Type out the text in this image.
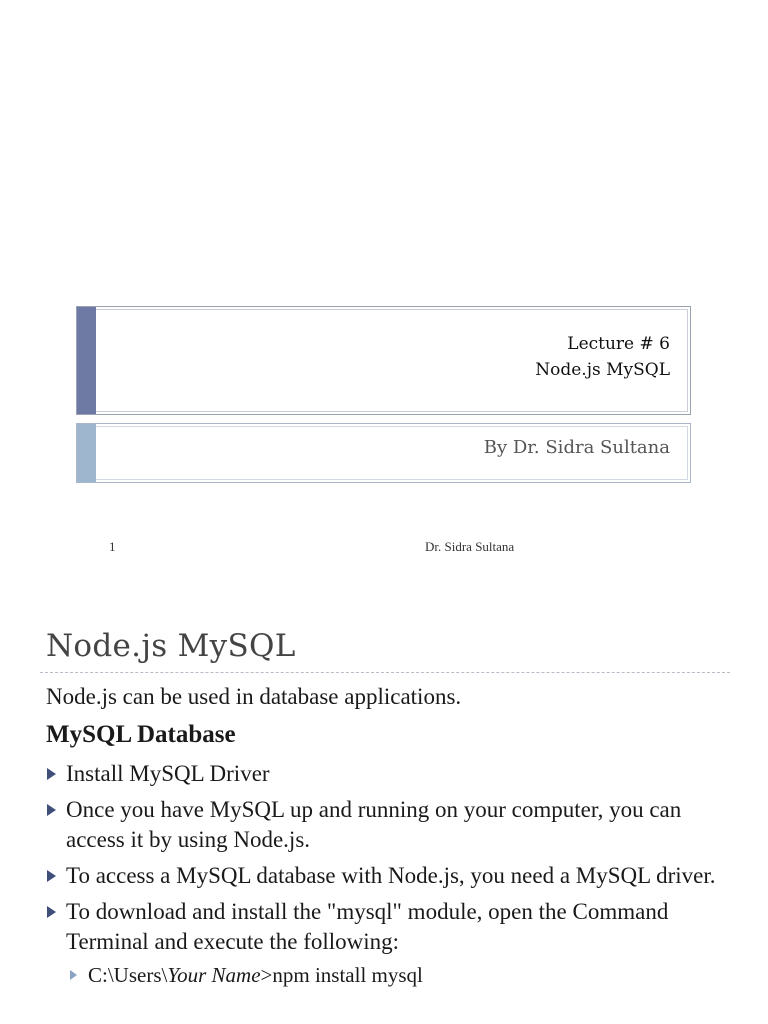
Lecture # 6
Node.js MySQL
By Dr. Sidra Sultana
1	Dr. Sidra Sultana
Node.js MySQL
Node.js can be used in database applications.
MySQL Database
Install MySQL Driver
Once you have MySQL up and running on your computer, you can access it by using Node.js.
To access a MySQL database with Node.js, you need a MySQL driver.
To download and install the "mysql" module, open the Command Terminal and execute the following:
C:\Users\Your Name>npm install mysql
